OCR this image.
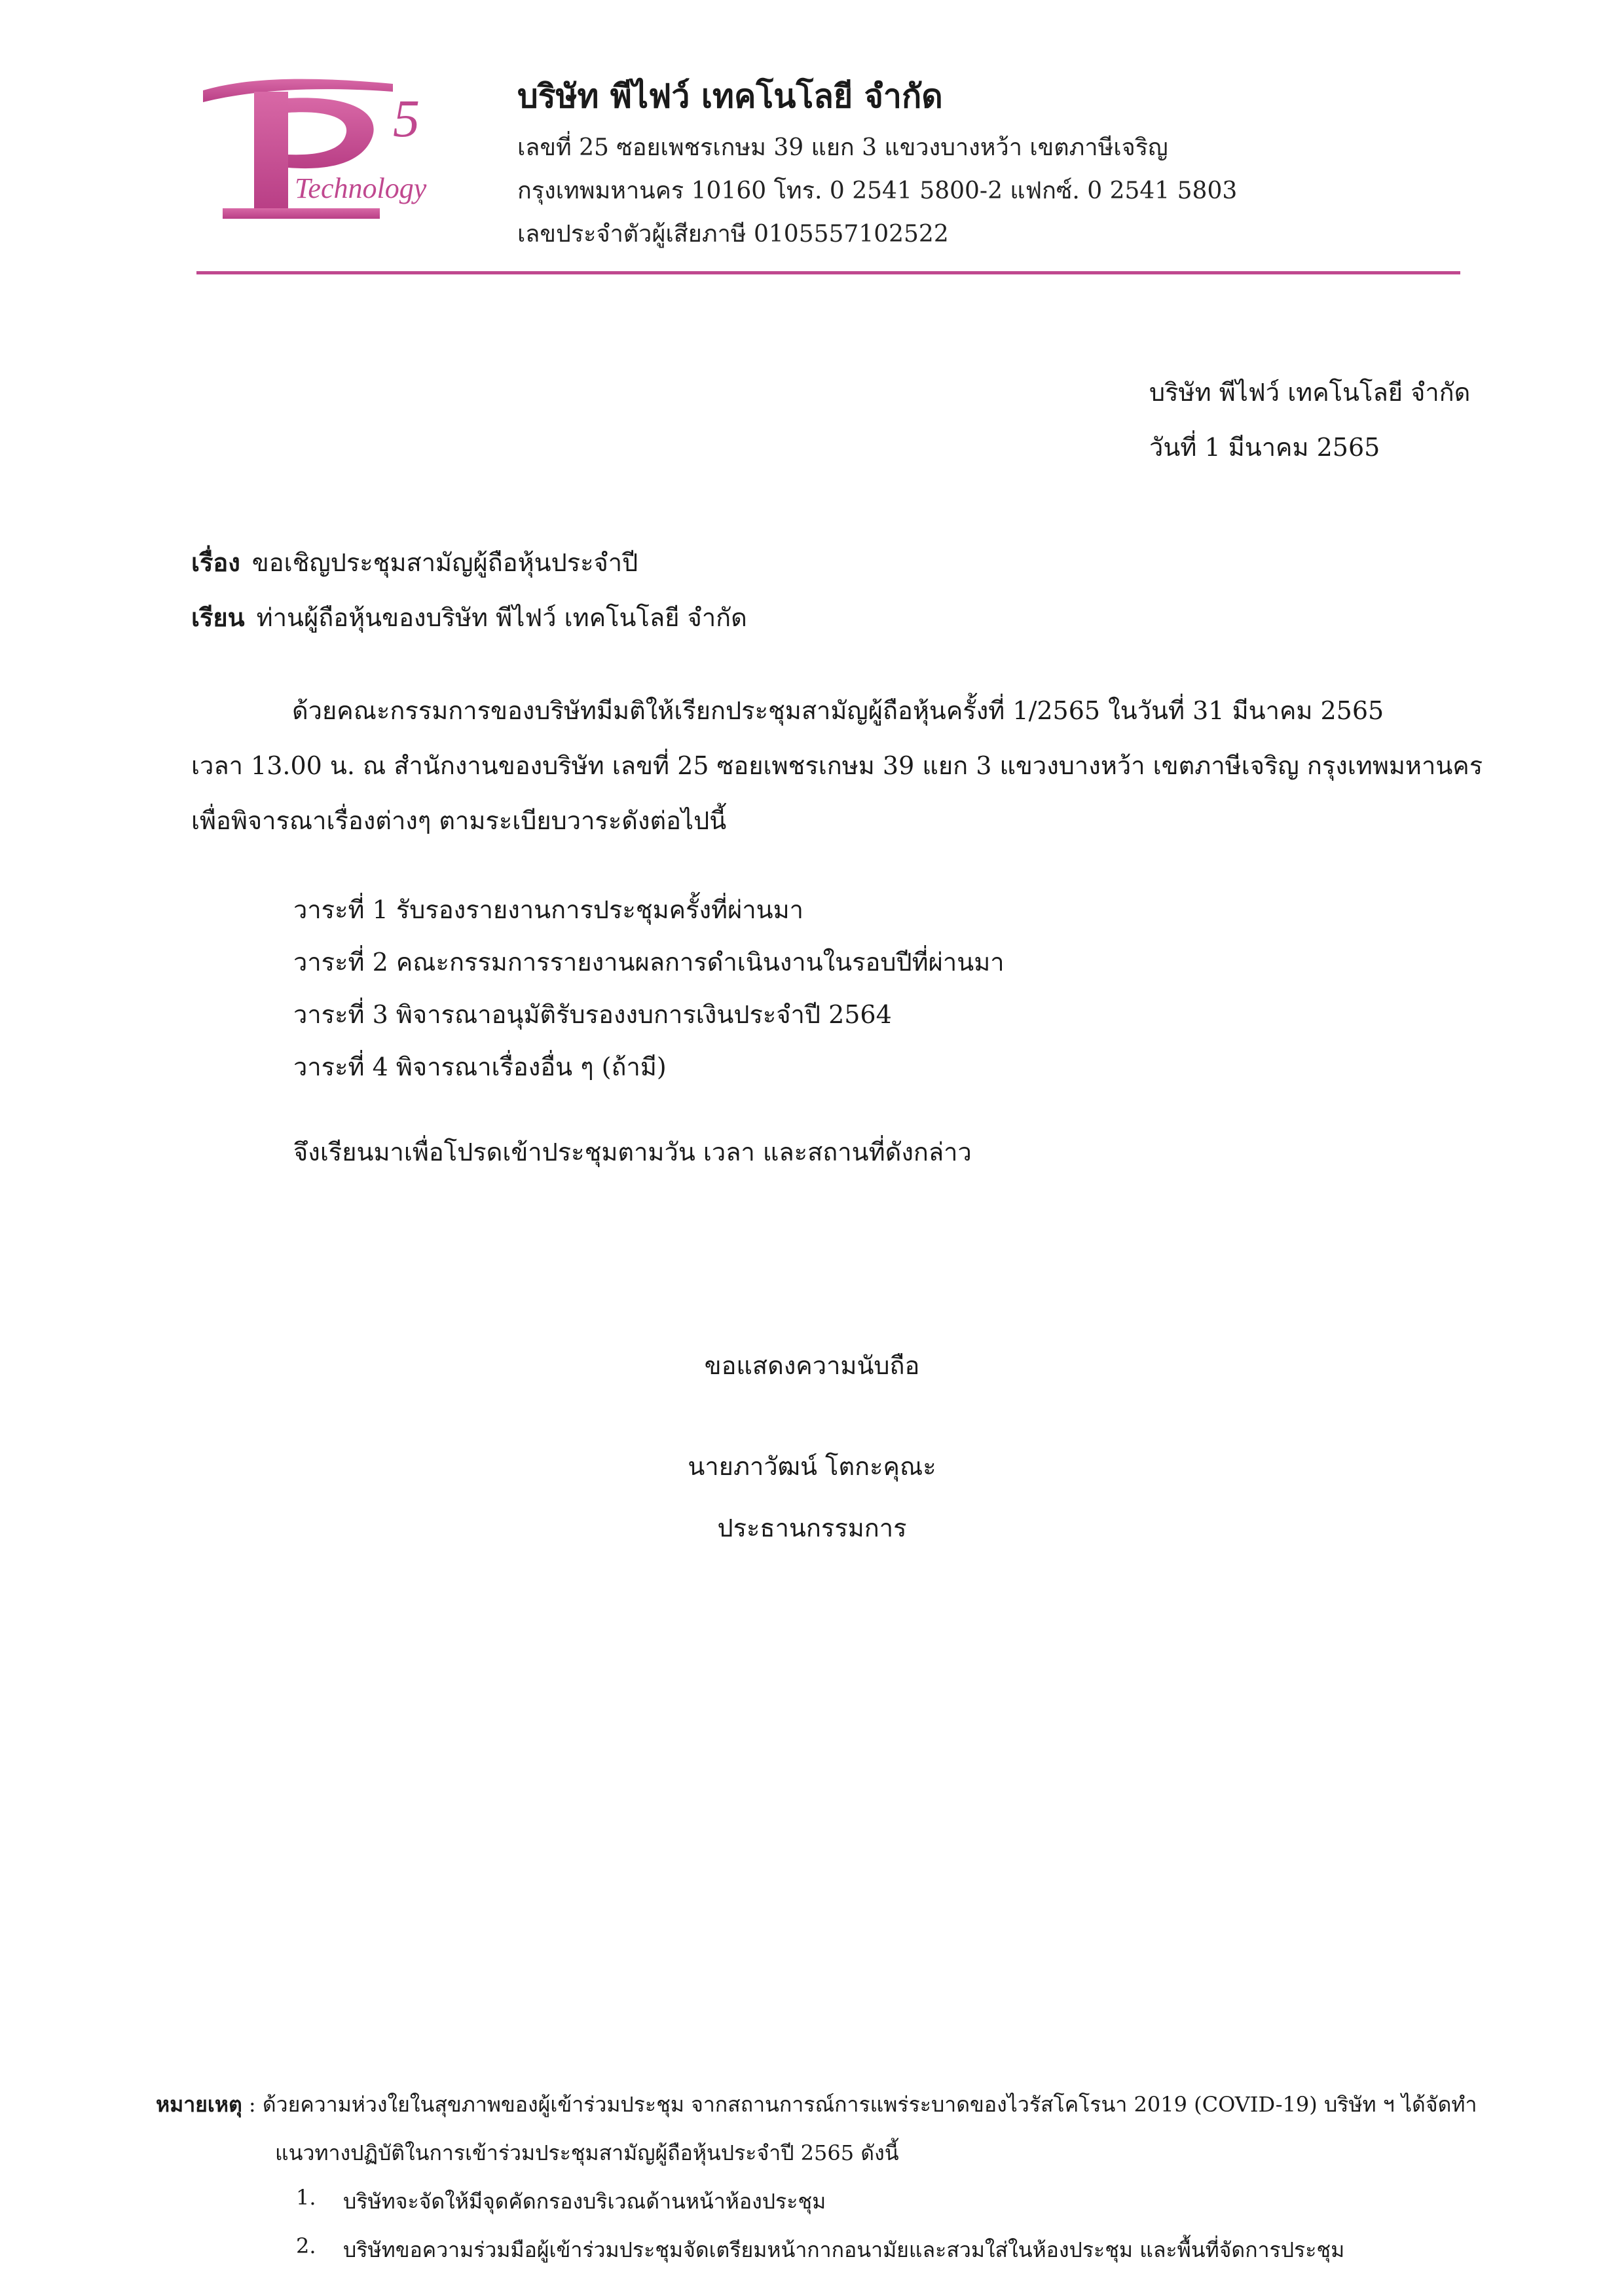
5
Technology
บริษัท พีไฟว์ เทคโนโลยี จำกัด
เลขที่ 25 ซอยเพชรเกษม 39 แยก 3 แขวงบางหว้า เขตภาษีเจริญ
กรุงเทพมหานคร 10160 โทร. 0 2541 5800-2 แฟกซ์. 0 2541 5803
เลขประจำตัวผู้เสียภาษี 0105557102522
บริษัท พีไฟว์ เทคโนโลยี จำกัด
วันที่ 1 มีนาคม 2565
เรื่อง ขอเชิญประชุมสามัญผู้ถือหุ้นประจำปี
เรียน ท่านผู้ถือหุ้นของบริษัท พีไฟว์ เทคโนโลยี จำกัด
ด้วยคณะกรรมการของบริษัทมีมติให้เรียกประชุมสามัญผู้ถือหุ้นครั้งที่ 1/2565 ในวันที่ 31 มีนาคม 2565
เวลา 13.00 น. ณ สำนักงานของบริษัท เลขที่ 25 ซอยเพชรเกษม 39 แยก 3 แขวงบางหว้า เขตภาษีเจริญ กรุงเทพมหานคร
เพื่อพิจารณาเรื่องต่างๆ ตามระเบียบวาระดังต่อไปนี้
วาระที่ 1 รับรองรายงานการประชุมครั้งที่ผ่านมา
วาระที่ 2 คณะกรรมการรายงานผลการดำเนินงานในรอบปีที่ผ่านมา
วาระที่ 3 พิจารณาอนุมัติรับรองงบการเงินประจำปี 2564
วาระที่ 4 พิจารณาเรื่องอื่น ๆ (ถ้ามี)
จึงเรียนมาเพื่อโปรดเข้าประชุมตามวัน เวลา และสถานที่ดังกล่าว
ขอแสดงความนับถือ
นายภาวัฒน์ โตกะคุณะ
ประธานกรรมการ
หมายเหตุ : ด้วยความห่วงใยในสุขภาพของผู้เข้าร่วมประชุม จากสถานการณ์การแพร่ระบาดของไวรัสโคโรนา 2019 (COVID-19) บริษัท ฯ ได้จัดทำ
แนวทางปฏิบัติในการเข้าร่วมประชุมสามัญผู้ถือหุ้นประจำปี 2565 ดังนี้
1. บริษัทจะจัดให้มีจุดคัดกรองบริเวณด้านหน้าห้องประชุม
2. บริษัทขอความร่วมมือผู้เข้าร่วมประชุมจัดเตรียมหน้ากากอนามัยและสวมใส่ในห้องประชุม และพื้นที่จัดการประชุม
